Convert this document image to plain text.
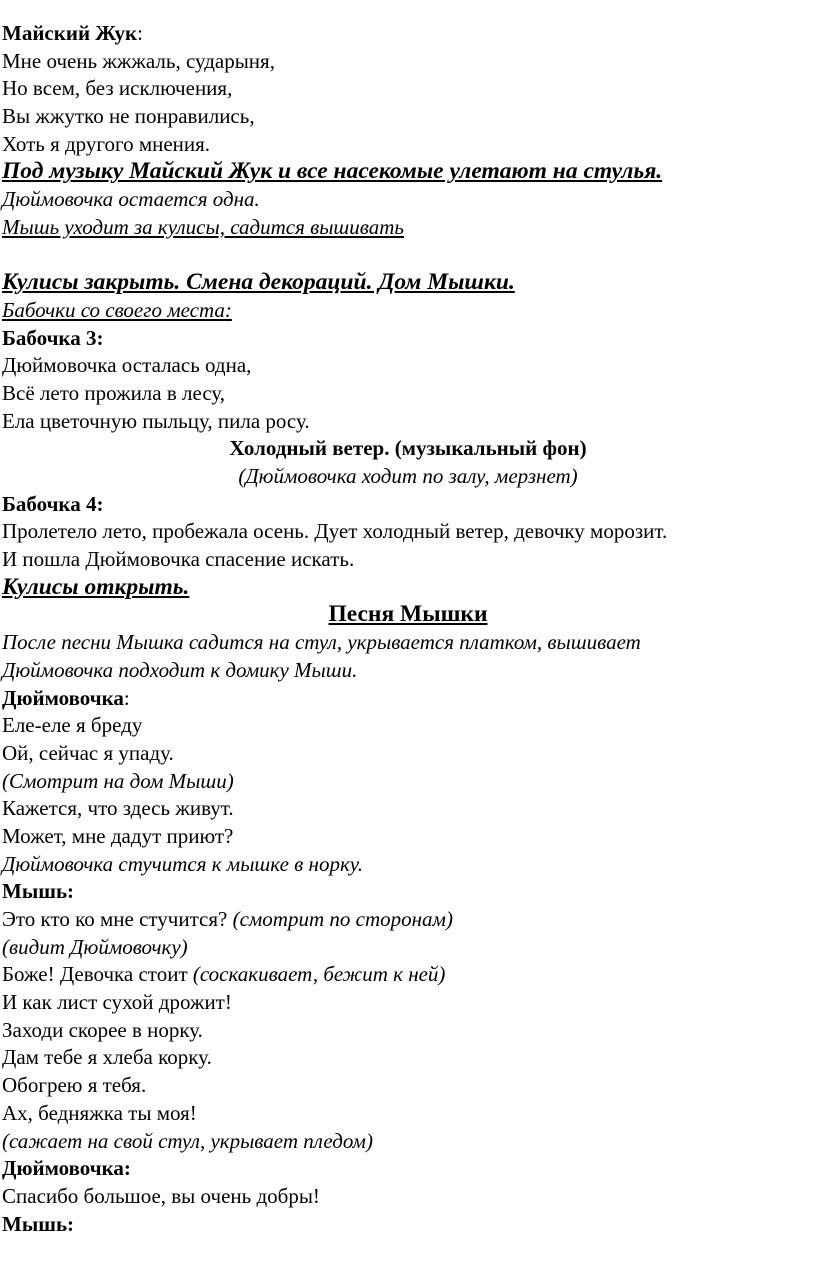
Майский Жук:

Мне очень жжжаль, сударыня,

Но всем, без исключения,

Вы жжутко не понравились,

Хоть я другого мнения.

Под музыку Майский Жук и все насекомые улетают на стулья.

Дюймовочка остается одна.

Мышь уходит за кулисы, садится вышивать

Кулисы закрыть. Смена декораций. Дом Мышки.

Бабочки со своего места:

Бабочка 3:

Дюймовочка осталась одна,

Всё лето прожила в лесу,

Ела цветочную пыльцу, пила росу.

Холодный ветер. (музыкальный фон)

(Дюймовочка ходит по залу, мерзнет)

Бабочка 4:

Пролетело лето, пробежала осень. Дует холодный ветер, девочку морозит.

И пошла Дюймовочка спасение искать.

Кулисы открыть.

Песня Мышки

После песни Мышка садится на стул, укрывается платком, вышивает

Дюймовочка подходит к домику Мыши.

Дюймовочка:

Еле-еле я бреду

Ой, сейчас я упаду.

(Смотрит на дом Мыши)

Кажется, что здесь живут.

Может, мне дадут приют?

Дюймовочка стучится к мышке в норку.

Мышь:

Это кто ко мне стучится? (смотрит по сторонам)

(видит Дюймовочку)

Боже! Девочка стоит (соскакивает, бежит к ней)

И как лист сухой дрожит!

Заходи скорее в норку.

Дам тебе я хлеба корку.

Обогрею я тебя.

Ах, бедняжка ты моя!

(сажает на свой стул, укрывает пледом)

Дюймовочка:

Спасибо большое, вы очень добры!

Мышь:
